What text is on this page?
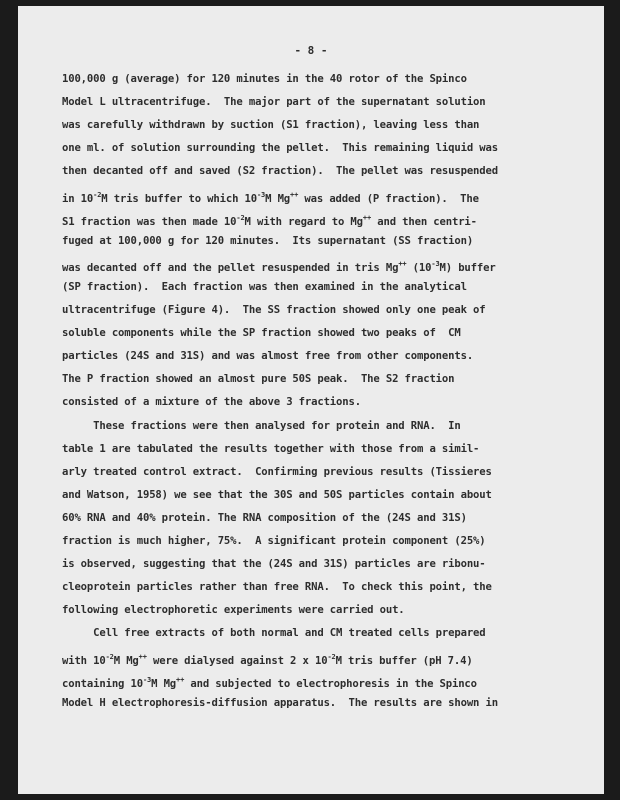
- 8 -

100,000 g (average) for 120 minutes in the 40 rotor of the Spinco

Model L ultracentrifuge.  The major part of the supernatant solution

was carefully withdrawn by suction (S1 fraction), leaving less than

one ml. of solution surrounding the pellet.  This remaining liquid was

then decanted off and saved (S2 fraction).  The pellet was resuspended

in $10^{-2}M$ tris buffer to which $10^{-3}M$ Mg++ was added (P fraction).  The

S1 fraction was then made $10^{-2}M$ with regard to Mg++ and then centri-

fuged at 100,000 g for 120 minutes.  Its supernatant (SS fraction)

was decanted off and the pellet resuspended in tris Mg++ $(10^{-3}M)$ buffer

(SP fraction).  Each fraction was then examined in the analytical

ultracentrifuge (Figure 4).  The SS fraction showed only one peak of

soluble components while the SP fraction showed two peaks of  CM

particles (24S and 31S) and was almost free from other components.

The P fraction showed an almost pure 50S peak.  The S2 fraction

consisted of a mixture of the above 3 fractions.

These fractions were then analysed for protein and RNA.  In

table 1 are tabulated the results together with those from a simil-

arly treated control extract.  Confirming previous results (Tissieres

and Watson, 1958) we see that the 30S and 50S particles contain about

60% RNA and 40% protein. The RNA composition of the (24S and 31S)

fraction is much higher, 75%.  A significant protein component (25%)

is observed, suggesting that the (24S and 31S) particles are ribonu-

cleoprotein particles rather than free RNA.  To check this point, the

following electrophoretic experiments were carried out.

Cell free extracts of both normal and CM treated cells prepared

with $10^{-2}M$ Mg++ were dialysed against 2 x $10^{-2}M$ tris buffer (pH 7.4)

containing $10^{-3}M$ Mg++ and subjected to electrophoresis in the Spinco

Model H electrophoresis-diffusion apparatus.  The results are shown in
